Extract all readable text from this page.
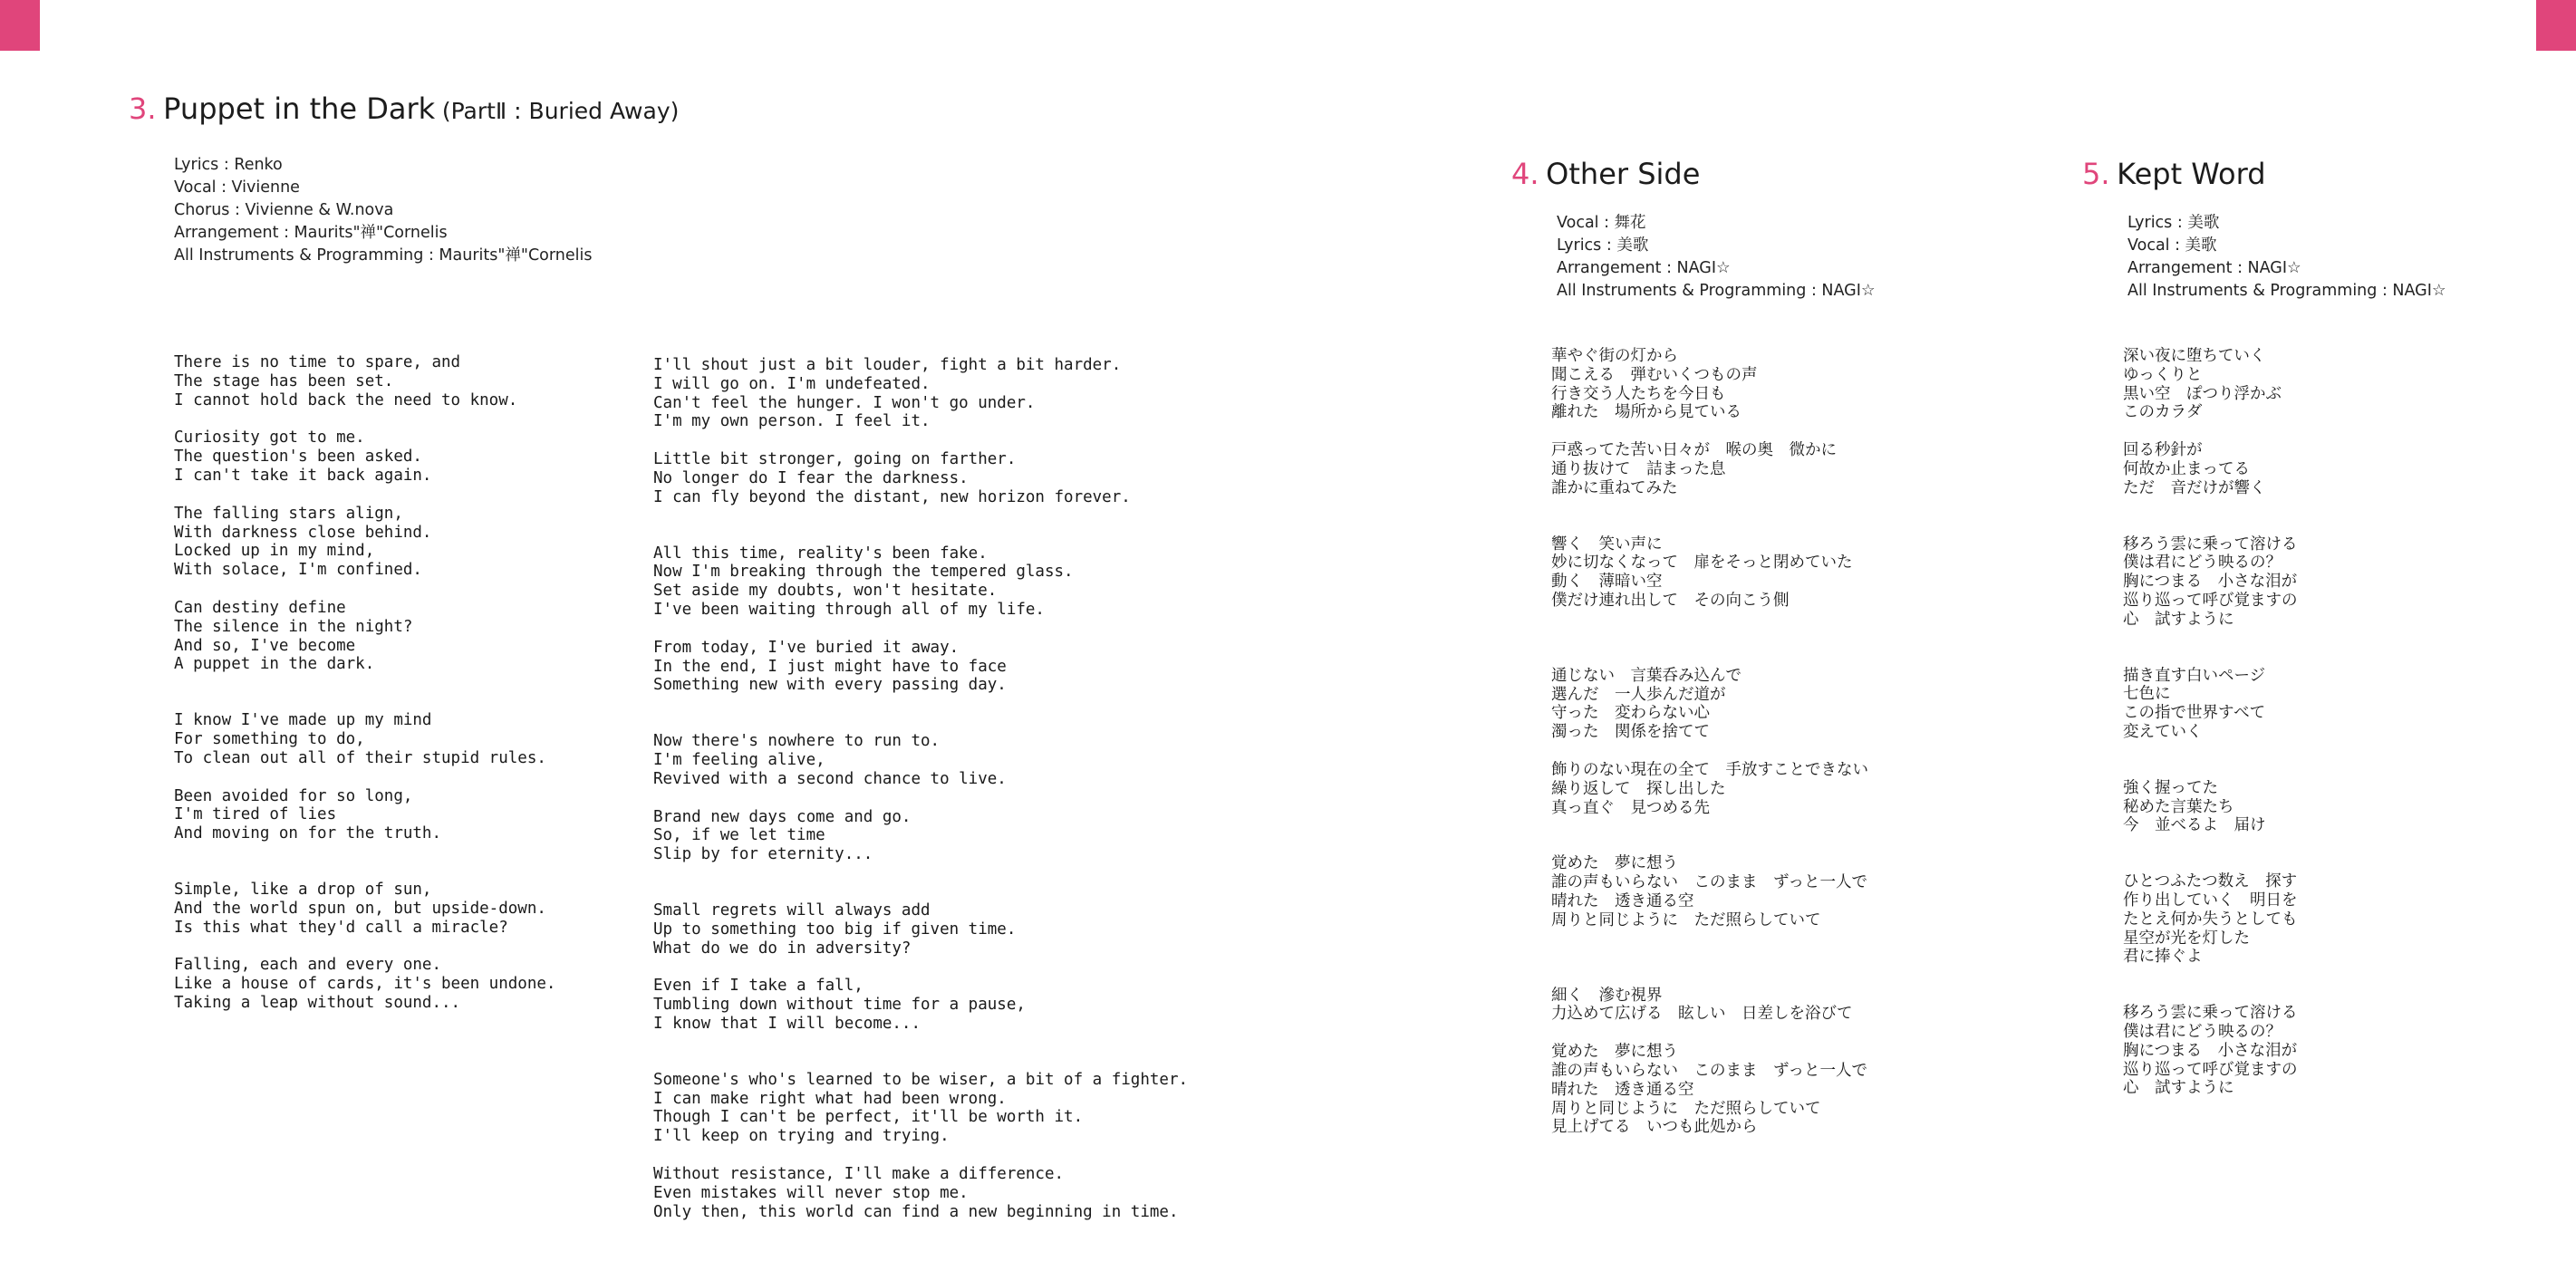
3. Puppet in the Dark (PartⅡ : Buried Away)
Lyrics : Renko
Vocal : Vivienne
Chorus : Vivienne & W.nova
Arrangement : Maurits"禅"Cornelis
All Instruments & Programming : Maurits"禅"Cornelis
There is no time to spare, and
The stage has been set.
I cannot hold back the need to know.
Curiosity got to me.
The question's been asked.
I can't take it back again.
The falling stars align,
With darkness close behind.
Locked up in my mind,
With solace, I'm confined.
Can destiny define
The silence in the night?
And so, I've become
A puppet in the dark.
I know I've made up my mind
For something to do,
To clean out all of their stupid rules.
Been avoided for so long,
I'm tired of lies
And moving on for the truth.
Simple, like a drop of sun,
And the world spun on, but upside-down.
Is this what they'd call a miracle?
Falling, each and every one.
Like a house of cards, it's been undone.
Taking a leap without sound...
I'll shout just a bit louder, fight a bit harder.
I will go on. I'm undefeated.
Can't feel the hunger. I won't go under.
I'm my own person. I feel it.
Little bit stronger, going on farther.
No longer do I fear the darkness.
I can fly beyond the distant, new horizon forever.
All this time, reality's been fake.
Now I'm breaking through the tempered glass.
Set aside my doubts, won't hesitate.
I've been waiting through all of my life.
From today, I've buried it away.
In the end, I just might have to face
Something new with every passing day.
Now there's nowhere to run to.
I'm feeling alive,
Revived with a second chance to live.
Brand new days come and go.
So, if we let time
Slip by for eternity...
Small regrets will always add
Up to something too big if given time.
What do we do in adversity?
Even if I take a fall,
Tumbling down without time for a pause,
I know that I will become...
Someone's who's learned to be wiser, a bit of a fighter.
I can make right what had been wrong.
Though I can't be perfect, it'll be worth it.
I'll keep on trying and trying.
Without resistance, I'll make a difference.
Even mistakes will never stop me.
Only then, this world can find a new beginning in time.
4. Other Side
Vocal : 舞花
Lyrics : 美歌
Arrangement : NAGI☆
All Instruments & Programming : NAGI☆
華やぐ街の灯から
聞こえる　弾むいくつもの声
行き交う人たちを今日も
離れた　場所から見ている
戸惑ってた苦い日々が　喉の奥　微かに
通り抜けて　詰まった息
誰かに重ねてみた
響く　笑い声に
妙に切なくなって　扉をそっと閉めていた
動く　薄暗い空
僕だけ連れ出して　その向こう側
通じない　言葉呑み込んで
選んだ　一人歩んだ道が
守った　変わらない心
濁った　関係を捨てて
飾りのない現在の全て　手放すことできない
繰り返して　探し出した
真っ直ぐ　見つめる先
覚めた　夢に想う
誰の声もいらない　このまま　ずっと一人で
晴れた　透き通る空
周りと同じように　ただ照らしていて
細く　滲む視界
力込めて広げる　眩しい　日差しを浴びて
覚めた　夢に想う
誰の声もいらない　このまま　ずっと一人で
晴れた　透き通る空
周りと同じように　ただ照らしていて
見上げてる　いつも此処から
5. Kept Word
Lyrics : 美歌
Vocal : 美歌
Arrangement : NAGI☆
All Instruments & Programming : NAGI☆
深い夜に堕ちていく
ゆっくりと
黒い空　ぽつり浮かぶ
このカラダ
回る秒針が
何故か止まってる
ただ　音だけが響く
移ろう雲に乗って溶ける
僕は君にどう映るの？
胸につまる　小さな泪が
巡り巡って呼び覚ますの
心　試すように
描き直す白いページ
七色に
この指で世界すべて
変えていく
強く握ってた
秘めた言葉たち
今　並べるよ　届け
ひとつふたつ数え　探す
作り出していく　明日を
たとえ何か失うとしても
星空が光を灯した
君に捧ぐよ
移ろう雲に乗って溶ける
僕は君にどう映るの？
胸につまる　小さな泪が
巡り巡って呼び覚ますの
心　試すように
